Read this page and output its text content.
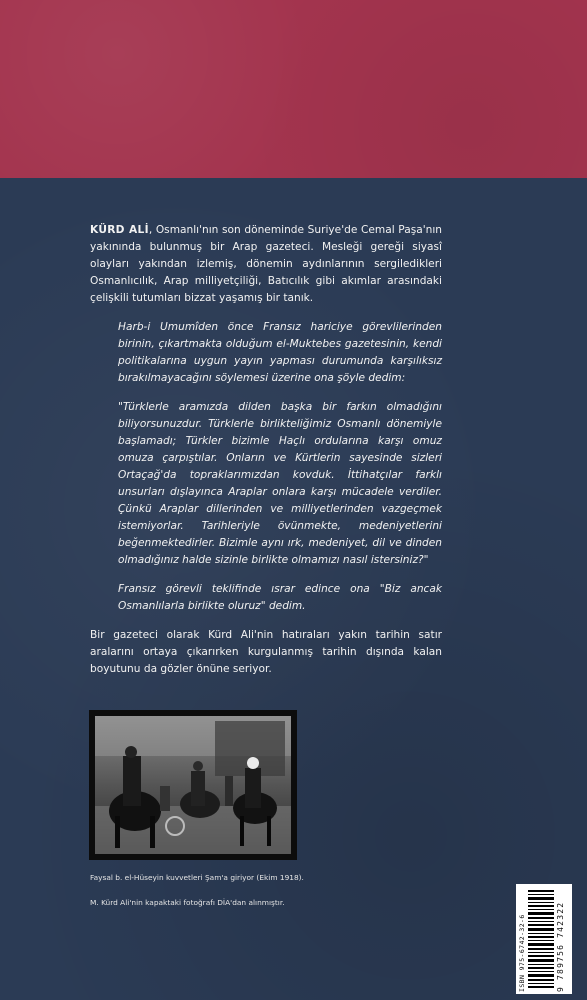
KÜRD ALİ, Osmanlı'nın son döneminde Suriye'de Cemal Paşa'nın yakınında bulunmuş bir Arap gazeteci. Mesleği gereği siyasî olayları yakından izlemiş, dönemin aydınlarının sergiledikleri Osmanlıcılık, Arap milliyetçiliği, Batıcılık gibi akımlar arasındaki çelişkili tutumları bizzat yaşamış bir tanık.

Harb-i Umumîden önce Fransız hariciye görevlilerinden birinin, çıkartmakta olduğum el-Muktebes gazetesinin, kendi politikalarına uygun yayın yapması durumunda karşılıksız bırakılmayacağını söylemesi üzerine ona şöyle dedim:

"Türklerle aramızda dilden başka bir farkın olmadığını biliyorsunuzdur. Türklerle birlikteliğimiz Osmanlı dönemiyle başlamadı; Türkler bizimle Haçlı ordularına karşı omuz omuza çarpıştılar. Onların ve Kürtlerin sayesinde sizleri Ortaçağ'da topraklarımızdan kovduk. İttihatçılar farklı unsurları dışlayınca Araplar onlara karşı mücadele verdiler. Çünkü Araplar dillerinden ve milliyetlerinden vazgeçmek istemiyorlar. Tarihleriyle övünmekte, medeniyetlerini beğenmektedirler. Bizimle aynı ırk, medeniyet, dil ve dinden olmadığınız halde sizinle birlikte olmamızı nasıl istersiniz?"

Fransız görevli teklifinde ısrar edince ona "Biz ancak Osmanlılarla birlikte oluruz" dedim.

Bir gazeteci olarak Kürd Ali'nin hatıraları yakın tarihin satır aralarını ortaya çıkarırken kurgulanmış tarihin dışında kalan boyutunu da gözler önüne seriyor.

Faysal b. el-Hüseyin kuvvetleri Şam'a giriyor (Ekim 1918).
M. Kürd Ali'nin kapaktaki fotoğrafı DİA'dan alınmıştır.
ISBN 975-6742-32-6	9 789756 742322
